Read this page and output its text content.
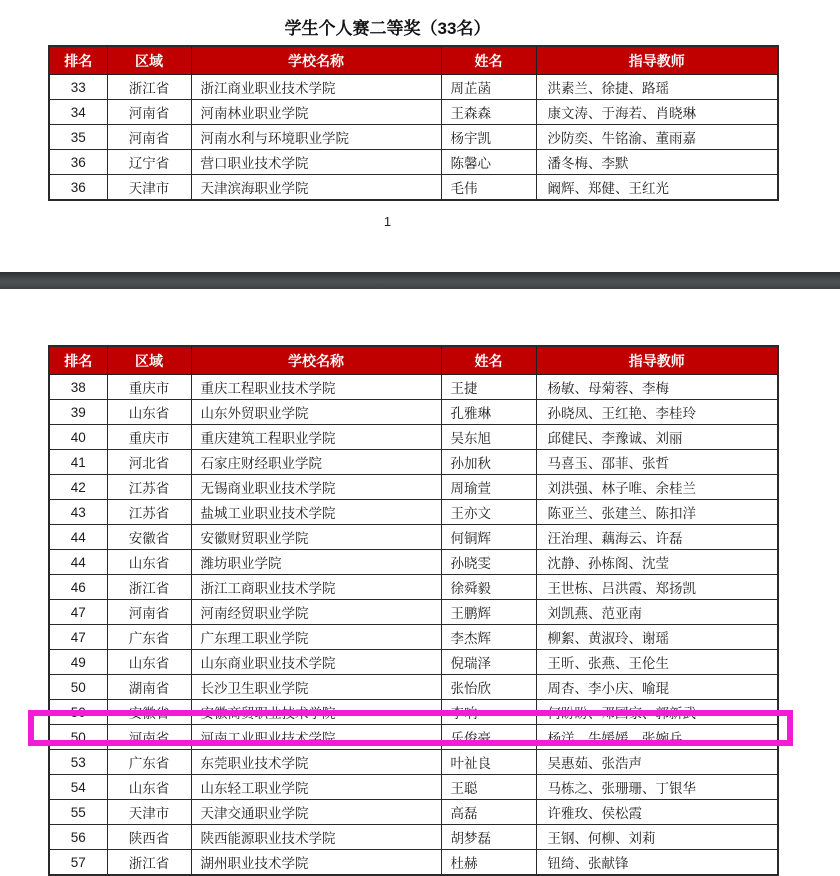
学生个人赛二等奖（33名）
排名	区域	学校名称	姓名	指导教师
33	浙江省	浙江商业职业技术学院	周芷菡	洪素兰、徐捷、路瑶
34	河南省	河南林业职业学院	王森森	康文涛、于海若、肖晓琳
35	河南省	河南水利与环境职业学院	杨宇凯	沙防奕、牛铭渝、董雨嘉
36	辽宁省	营口职业技术学院	陈馨心	潘冬梅、李默
36	天津市	天津滨海职业学院	毛伟	阚辉、郑健、王红光
1
排名	区域	学校名称	姓名	指导教师
38	重庆市	重庆工程职业技术学院	王捷	杨敏、母菊蓉、李梅
39	山东省	山东外贸职业学院	孔雅琳	孙晓凤、王红艳、李桂玲
40	重庆市	重庆建筑工程职业学院	吴东旭	邱健民、李豫诚、刘丽
41	河北省	石家庄财经职业学院	孙加秋	马喜玉、邵菲、张哲
42	江苏省	无锡商业职业技术学院	周瑜萱	刘洪强、林子唯、余桂兰
43	江苏省	盐城工业职业技术学院	王亦文	陈亚兰、张建兰、陈扣洋
44	安徽省	安徽财贸职业学院	何铜辉	汪治理、藕海云、许磊
44	山东省	潍坊职业学院	孙晓雯	沈静、孙栋阁、沈莹
46	浙江省	浙江工商职业技术学院	徐舜毅	王世栋、吕洪霞、郑扬凯
47	河南省	河南经贸职业学院	王鹏辉	刘凯燕、范亚南
47	广东省	广东理工职业学院	李杰辉	柳絮、黄淑玲、谢瑶
49	山东省	山东商业职业技术学院	倪瑞泽	王昕、张燕、王伦生
50	湖南省	长沙卫生职业学院	张怡欣	周杏、李小庆、喻琨
50	安徽省	安徽商贸职业技术学院	李响	何盼盼、邓国家、郭新武
50	河南省	河南工业职业技术学院	乐俊豪	杨洋、牛媛媛、张婉兵
53	广东省	东莞职业技术学院	叶祉良	吴惠茹、张浩声
54	山东省	山东轻工职业学院	王聪	马栋之、张珊珊、丁银华
55	天津市	天津交通职业学院	高磊	许雅玫、侯松霞
56	陕西省	陕西能源职业技术学院	胡梦磊	王钢、何柳、刘莉
57	浙江省	湖州职业技术学院	杜赫	钮绮、张献锋
